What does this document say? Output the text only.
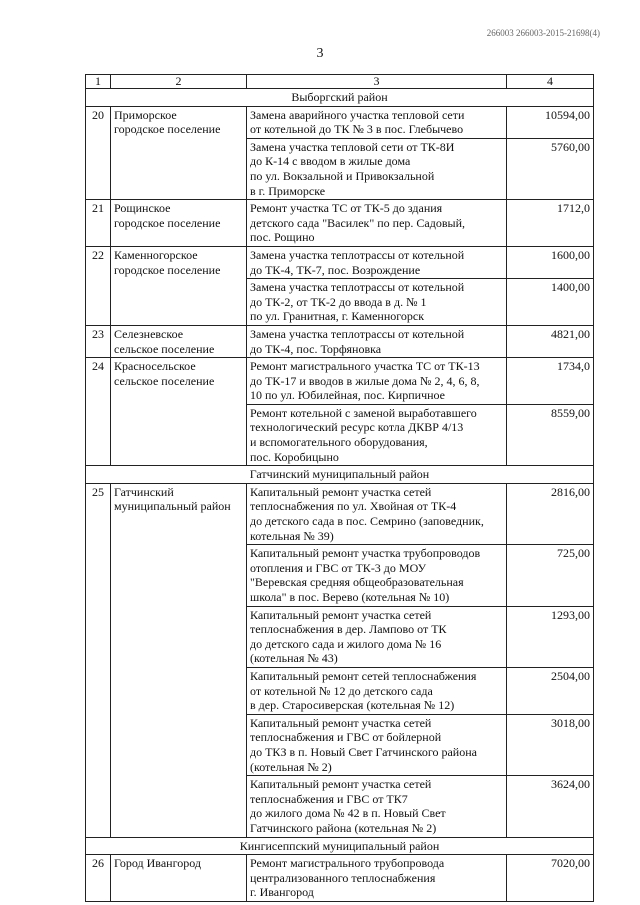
266003 266003-2015-21698(4)
3
1	2	3	4
Выборгский район			
20	Приморское
городское поселение	Замена аварийного участка тепловой сети
от котельной до ТК № 3 в пос. Глебычево	10594,00
		Замена участка тепловой сети от ТК-8И
до К-14 с вводом в жилые дома
по ул. Вокзальной и Привокзальной
в г. Приморске	5760,00
21	Рощинское
городское поселение	Ремонт участка ТС от ТК-5 до здания
детского сада "Василек" по пер. Садовый,
пос. Рощино	1712,0
22	Каменногорское
городское поселение	Замена участка теплотрассы от котельной
до ТК-4, ТК-7, пос. Возрождение	1600,00
		Замена участка теплотрассы от котельной
до ТК-2, от ТК-2 до ввода в д. № 1
по ул. Гранитная, г. Каменногорск	1400,00
23	Селезневское
сельское поселение	Замена участка теплотрассы от котельной
до ТК-4, пос. Торфяновка	4821,00
24	Красносельское
сельское поселение	Ремонт магистрального участка ТС от ТК-13
до ТК-17 и вводов в жилые дома № 2, 4, 6, 8,
10 по ул. Юбилейная, пос. Кирпичное	1734,0
		Ремонт котельной с заменой выработавшего
технологический ресурс котла ДКВР 4/13
и вспомогательного оборудования,
пос. Коробицыно	8559,00
Гатчинский муниципальный район			
25	Гатчинский
муниципальный район	Капитальный ремонт участка сетей
теплоснабжения по ул. Хвойная от ТК-4
до детского сада в пос. Семрино (заповедник,
котельная № 39)	2816,00
		Капитальный ремонт участка трубопроводов
отопления и ГВС от ТК-3 до МОУ
"Веревская средняя общеобразовательная
школа" в пос. Верево (котельная № 10)	725,00
		Капитальный ремонт участка сетей
теплоснабжения в дер. Лампово от ТК
до детского сада и жилого дома № 16
(котельная № 43)	1293,00
		Капитальный ремонт сетей теплоснабжения
от котельной № 12 до детского сада
в дер. Старосиверская (котельная № 12)	2504,00
		Капитальный ремонт участка сетей
теплоснабжения и ГВС от бойлерной
до ТКЗ в п. Новый Свет Гатчинского района
(котельная № 2)	3018,00
		Капитальный ремонт участка сетей
теплоснабжения и ГВС от ТК7
до жилого дома № 42 в п. Новый Свет
Гатчинского района (котельная № 2)	3624,00
Кингисеппский муниципальный район			
26	Город Ивангород	Ремонт магистрального трубопровода
централизованного теплоснабжения
г. Ивангород	7020,00
